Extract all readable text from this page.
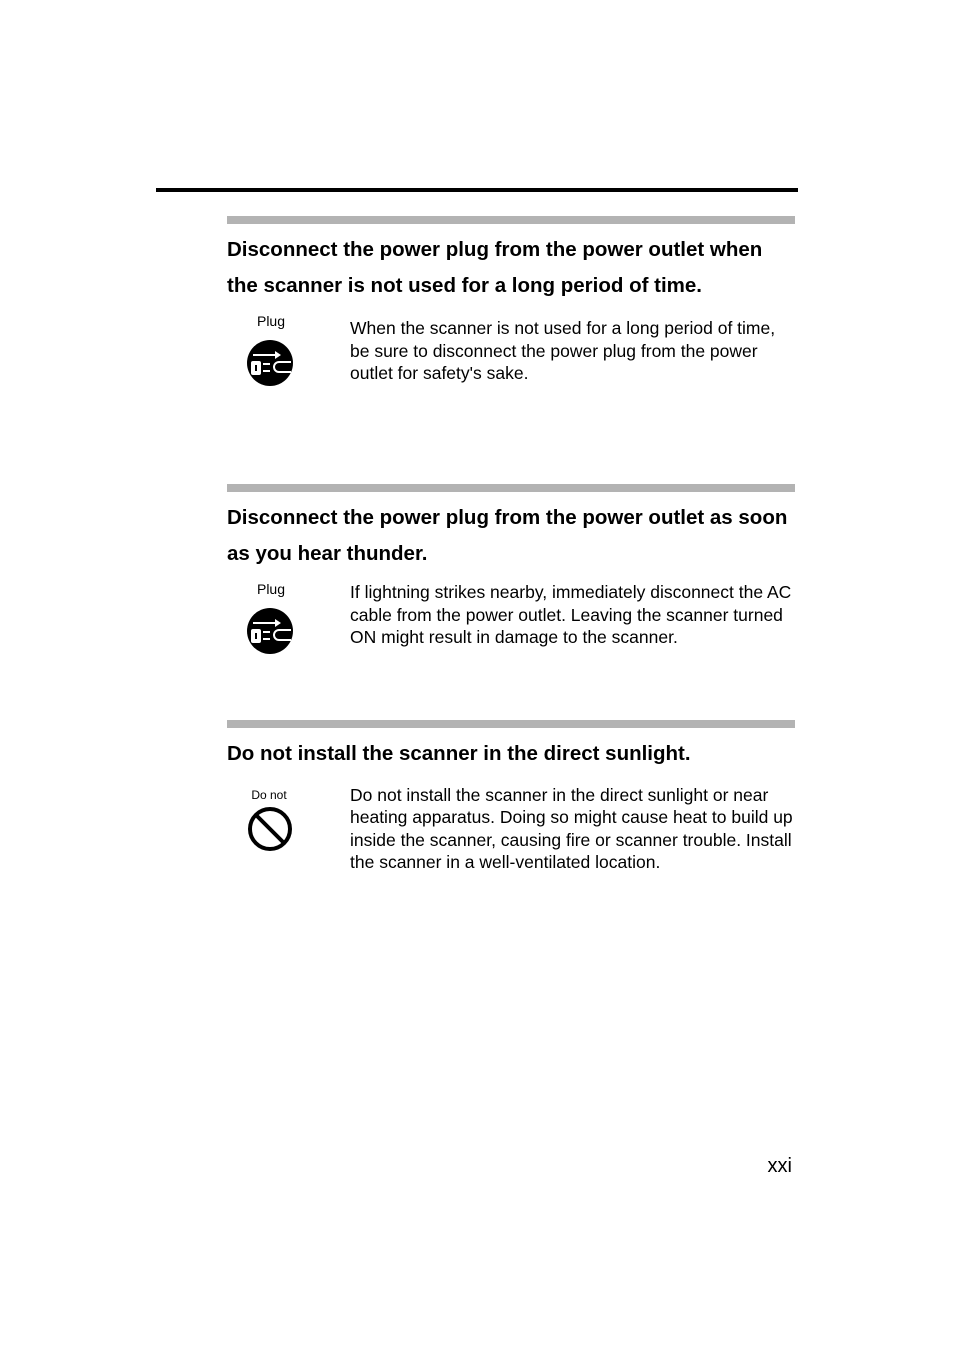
Disconnect the power plug from the power outlet when the scanner is not used for a long period of time.
Plug	When the scanner is not used for a long period of time, be sure to disconnect the power plug from the power outlet for safety's sake.

Disconnect the power plug from the power outlet as soon as you hear thunder.
Plug	If lightning strikes nearby, immediately disconnect the AC cable from the power outlet. Leaving the scanner turned ON might result in damage to the scanner.

Do not install the scanner in the direct sunlight.
Do not	Do not install the scanner in the direct sunlight or near heating apparatus. Doing so might cause heat to build up inside the scanner, causing fire or scanner trouble. Install the scanner in a well-ventilated location.

xxi
